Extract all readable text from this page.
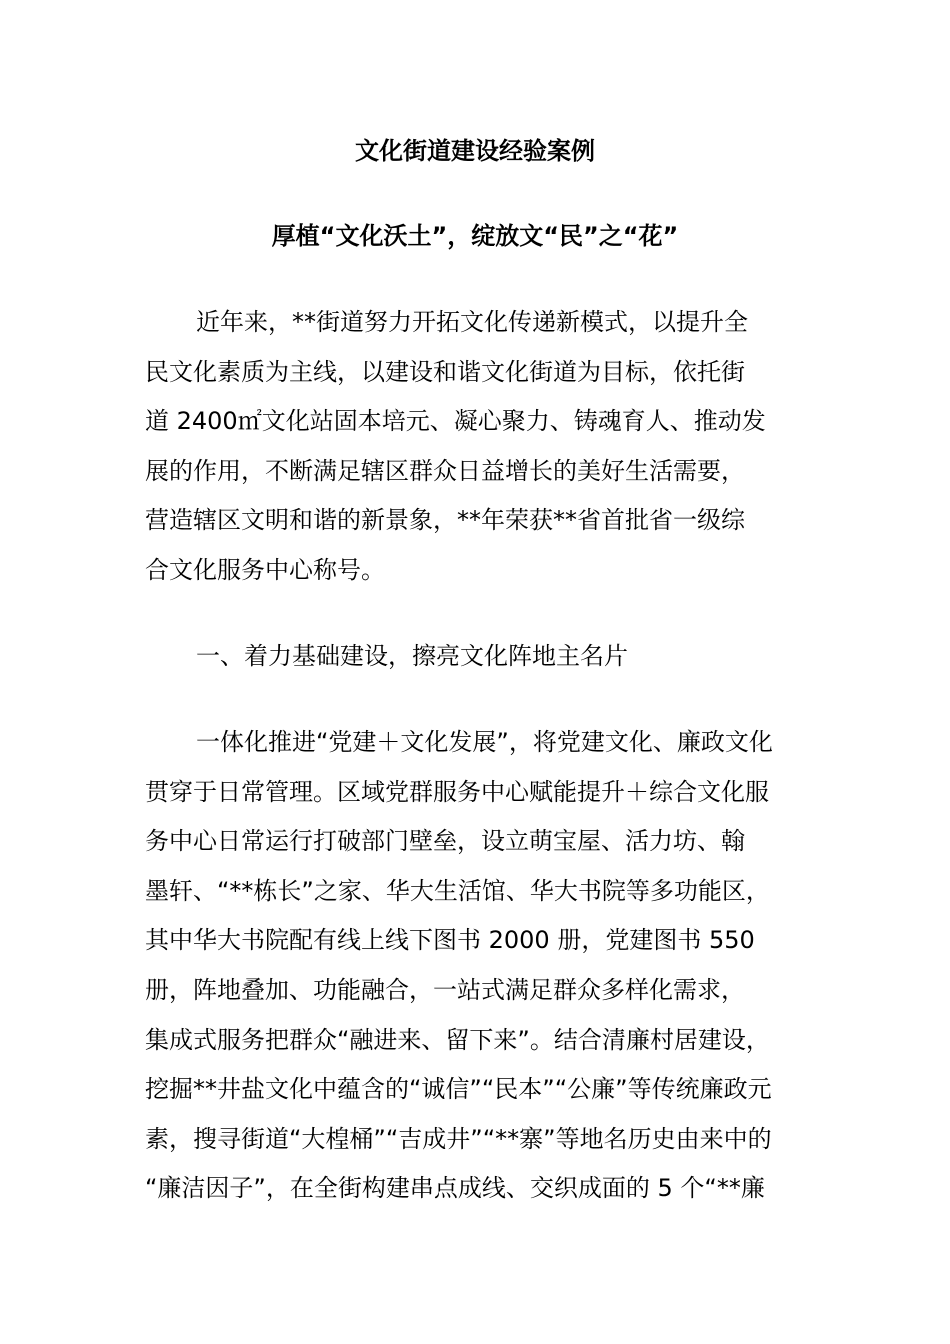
文化街道建设经验案例
厚植“文化沃土”，绽放文“民”之“花”
近年来，**街道努力开拓文化传递新模式，以提升全
民文化素质为主线，以建设和谐文化街道为目标，依托街
道 2400㎡文化站固本培元、凝心聚力、铸魂育人、推动发
展的作用，不断满足辖区群众日益增长的美好生活需要，
营造辖区文明和谐的新景象，**年荣获**省首批省一级综
合文化服务中心称号。
一、着力基础建设，擦亮文化阵地主名片
一体化推进“党建＋文化发展”，将党建文化、廉政文化
贯穿于日常管理。区域党群服务中心赋能提升＋综合文化服
务中心日常运行打破部门壁垒，设立萌宝屋、活力坊、翰
墨轩、“**栋长”之家、华大生活馆、华大书院等多功能区，
其中华大书院配有线上线下图书 2000 册，党建图书 550
册，阵地叠加、功能融合，一站式满足群众多样化需求，
集成式服务把群众“融进来、留下来”。结合清廉村居建设，
挖掘**井盐文化中蕴含的“诚信”“民本”“公廉”等传统廉政元
素，搜寻街道“大楻桶”“吉成井”“**寨”等地名历史由来中的
“廉洁因子”，在全街构建串点成线、交织成面的 5 个“**廉
